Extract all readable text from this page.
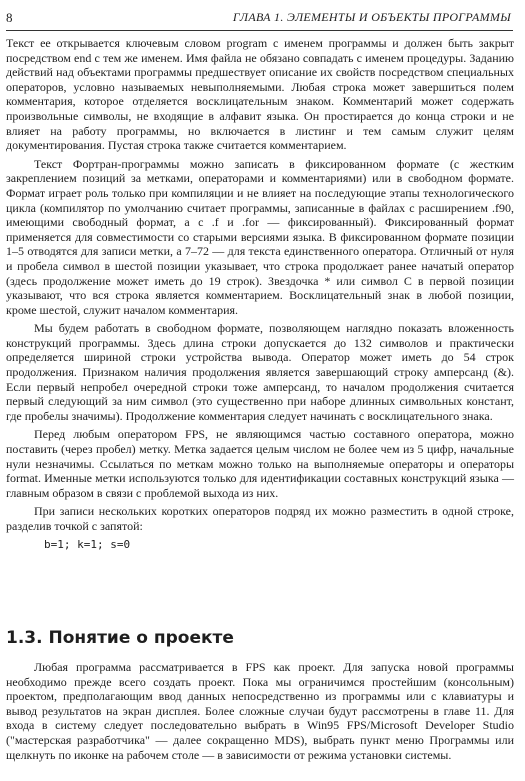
8	ГЛАВА 1. ЭЛЕМЕНТЫ И ОБЪЕКТЫ ПРОГРАММЫ

Текст ее открывается ключевым словом program с именем программы и должен быть закрыт посредством end с тем же именем. Имя файла не обязано совпадать с именем процедуры. Заданию действий над объектами программы предшествует описание их свойств посредством специальных операторов, условно называемых невыполняемыми. Любая строка может завершиться полем комментария, которое отделяется восклицательным знаком. Комментарий может содержать произвольные символы, не входящие в алфавит языка. Он простирается до конца строки и не влияет на работу программы, но включается в листинг и тем самым служит целям документирования. Пустая строка также считается комментарием.

Текст Фортран-программы можно записать в фиксированном формате (с жестким закреплением позиций за метками, операторами и комментариями) или в свободном формате. Формат играет роль только при компиляции и не влияет на последующие этапы технологического цикла (компилятор по умолчанию считает программы, записанные в файлах с расширением .f90, имеющими свободный формат, а с .f и .for — фиксированный). Фиксированный формат применяется для совместимости со старыми версиями языка. В фиксированном формате позиции 1–5 отводятся для записи метки, а 7–72 — для текста единственного оператора. Отличный от нуля и пробела символ в шестой позиции указывает, что строка продолжает ранее начатый оператор (здесь продолжение может иметь до 19 строк). Звездочка * или символ C в первой позиции указывают, что вся строка является комментарием. Восклицательный знак в любой позиции, кроме шестой, служит началом комментария.

Мы будем работать в свободном формате, позволяющем наглядно показать вложенность конструкций программы. Здесь длина строки допускается до 132 символов и практически определяется шириной строки устройства вывода. Оператор может иметь до 54 строк продолжения. Признаком наличия продолжения является завершающий строку амперсанд (&). Если первый непробел очередной строки тоже амперсанд, то началом продолжения считается первый следующий за ним символ (это существенно при наборе длинных символьных констант, где пробелы значимы). Продолжение комментария следует начинать с восклицательного знака.

Перед любым оператором FPS, не являющимся частью составного оператора, можно поставить (через пробел) метку. Метка задается целым числом не более чем из 5 цифр, начальные нули незначимы. Ссылаться по меткам можно только на выполняемые операторы и операторы format. Именные метки используются только для идентификации составных конструкций языка — главным образом в связи с проблемой выхода из них.

При записи нескольких коротких операторов подряд их можно разместить в одной строке, разделив точкой с запятой:

b=1; k=1; s=0
1.3. Понятие о проекте

Любая программа рассматривается в FPS как проект. Для запуска новой программы необходимо прежде всего создать проект. Пока мы ограничимся простейшим (консольным) проектом, предполагающим ввод данных непосредственно из программы или с клавиатуры и вывод результатов на экран дисплея. Более сложные случаи будут рассмотрены в главе 11. Для входа в систему следует последовательно выбрать в Win95 FPS/Microsoft Developer Studio ("мастерская разработчика" — далее сокращенно MDS), выбрать пункт меню Программы или щелкнуть по иконке на рабочем столе — в зависимости от режима установки системы.
